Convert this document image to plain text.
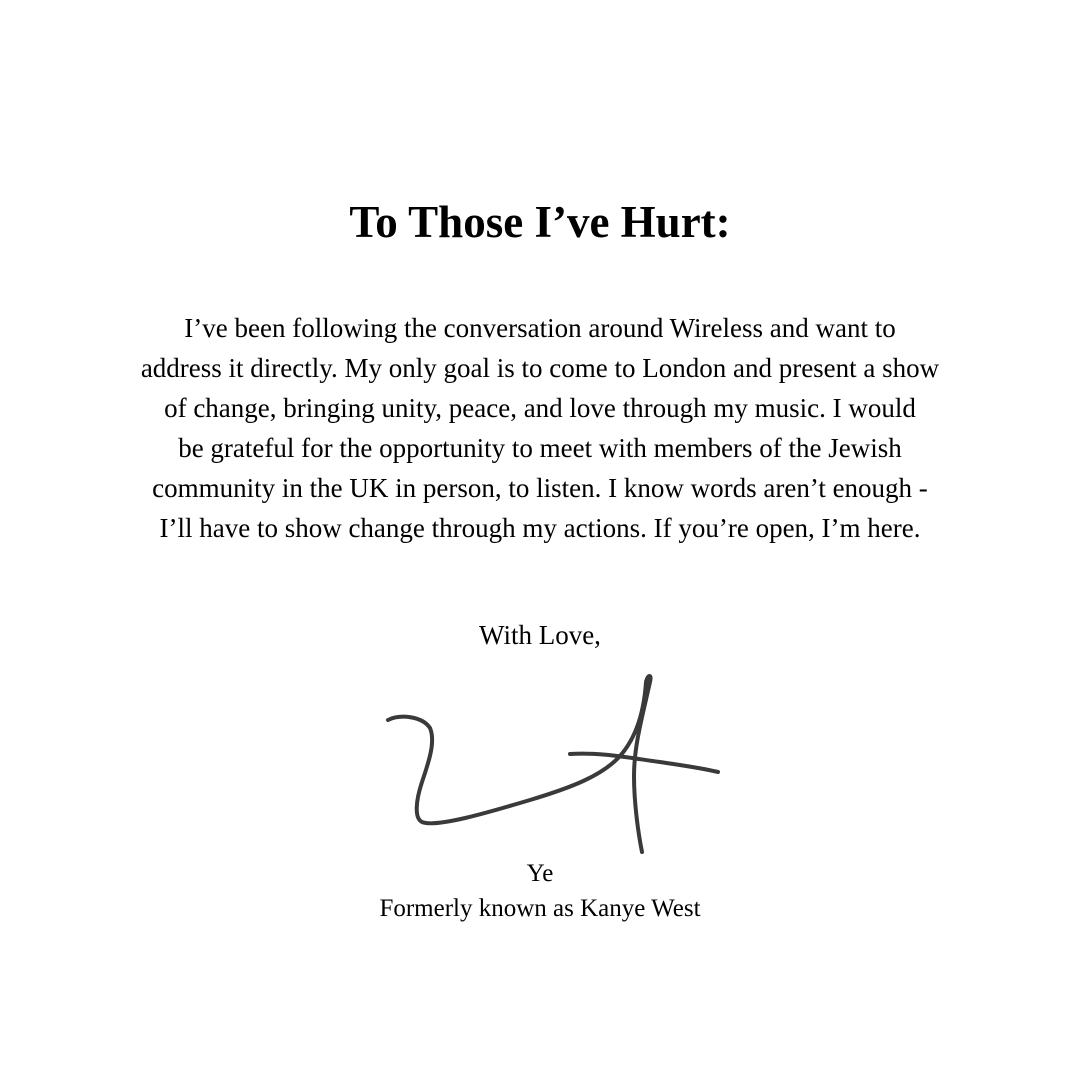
To Those I’ve Hurt:

I’ve been following the conversation around Wireless and want to
address it directly. My only goal is to come to London and present a show
of change, bringing unity, peace, and love through my music. I would
be grateful for the opportunity to meet with members of the Jewish
community in the UK in person, to listen. I know words aren’t enough -
I’ll have to show change through my actions. If you’re open, I’m here.

With Love,

Ye

Formerly known as Kanye West
